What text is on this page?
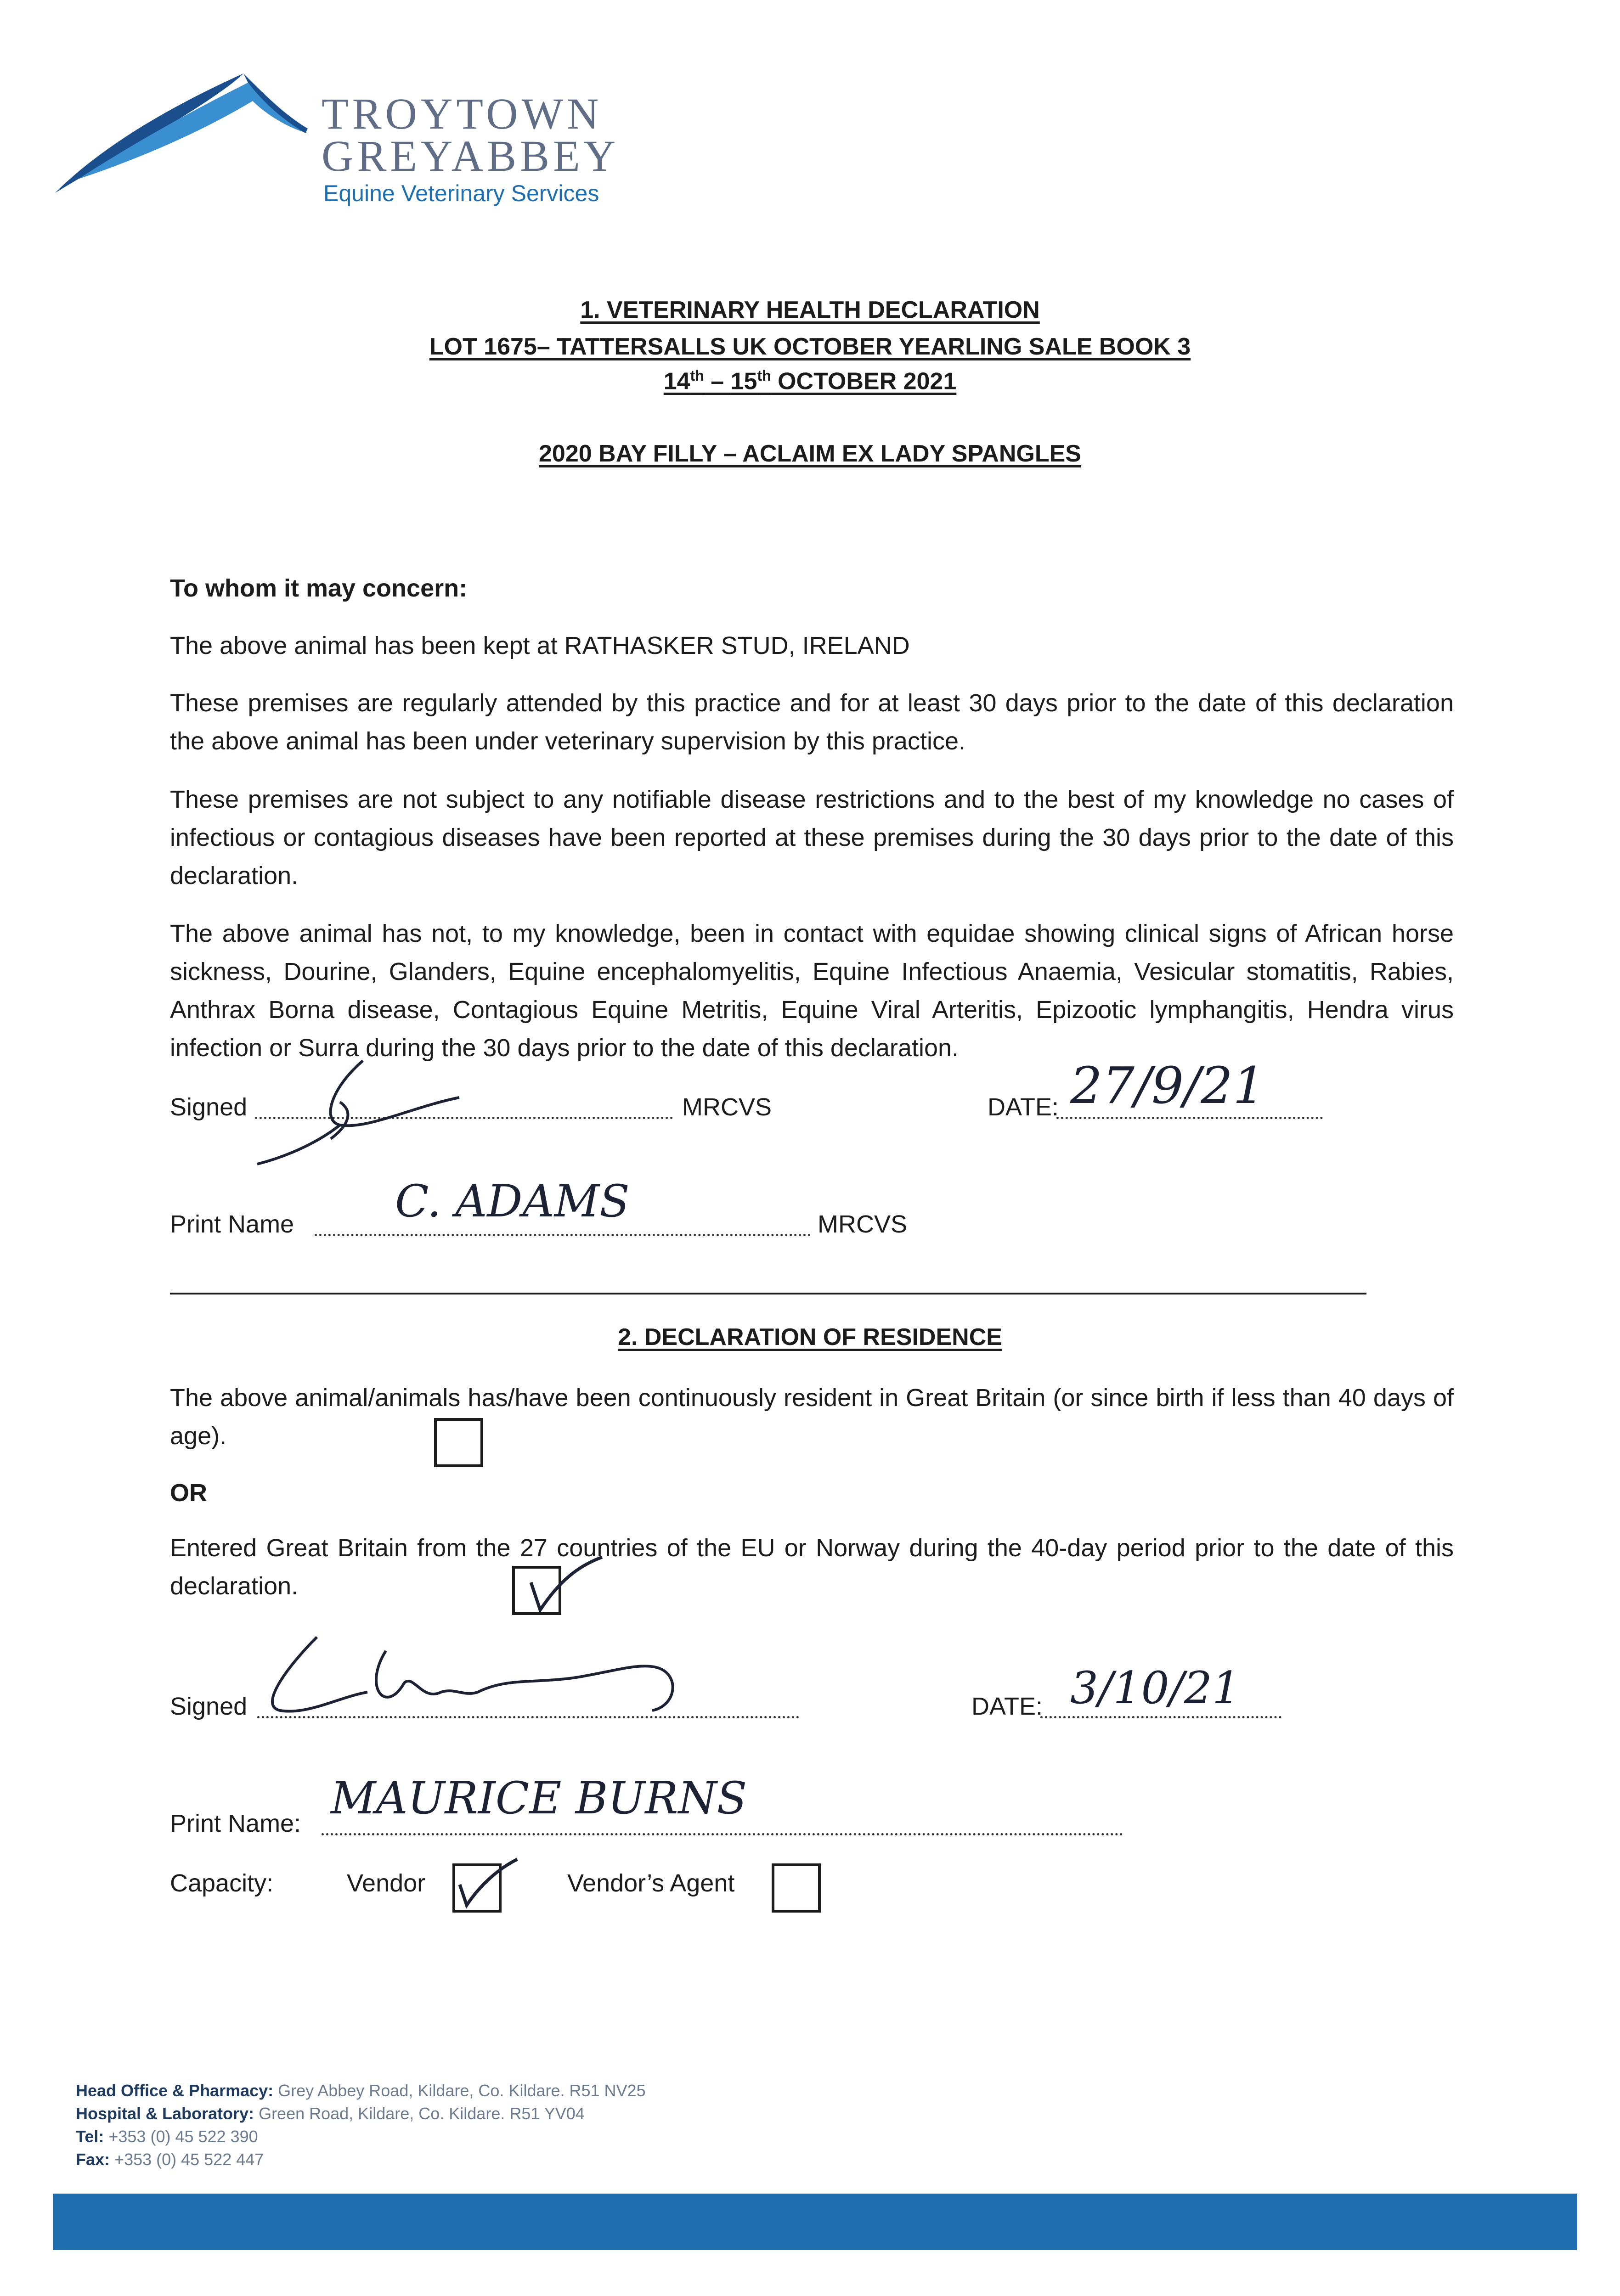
TROYTOWN
GREYABBEY
Equine Veterinary Services
1. VETERINARY HEALTH DECLARATION
LOT 1675– TATTERSALLS UK OCTOBER YEARLING SALE BOOK 3
14th – 15th OCTOBER 2021
2020 BAY FILLY – ACLAIM EX LADY SPANGLES
To whom it may concern:
The above animal has been kept at RATHASKER STUD, IRELAND
These premises are regularly attended by this practice and for at least 30 days prior to the date of this declaration the above animal has been under veterinary supervision by this practice.
These premises are not subject to any notifiable disease restrictions and to the best of my knowledge no cases of infectious or contagious diseases have been reported at these premises during the 30 days prior to the date of this declaration.
The above animal has not, to my knowledge, been in contact with equidae showing clinical signs of African horse sickness, Dourine, Glanders, Equine encephalomyelitis, Equine Infectious Anaemia, Vesicular stomatitis, Rabies, Anthrax Borna disease, Contagious Equine Metritis, Equine Viral Arteritis, Epizootic lymphangitis, Hendra virus infection or Surra during the 30 days prior to the date of this declaration.
Signed	MRCVS	DATE: 27/9/21
Print Name C. ADAMS	MRCVS
2. DECLARATION OF RESIDENCE
The above animal/animals has/have been continuously resident in Great Britain (or since birth if less than 40 days of age).
OR
Entered Great Britain from the 27 countries of the EU or Norway during the 40-day period prior to the date of this declaration.
Signed	DATE: 3/10/21
Print Name: MAURICE BURNS
Capacity:	Vendor	Vendor’s Agent
Head Office & Pharmacy: Grey Abbey Road, Kildare, Co. Kildare. R51 NV25
Hospital & Laboratory: Green Road, Kildare, Co. Kildare. R51 YV04
Tel: +353 (0) 45 522 390
Fax: +353 (0) 45 522 447
